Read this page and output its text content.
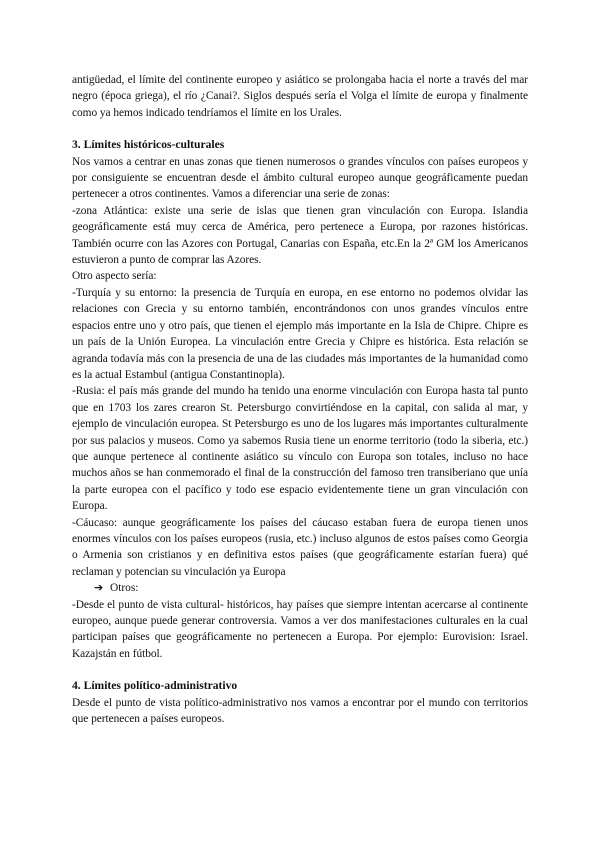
antigüedad, el límite del continente europeo y asiático se prolongaba hacia el norte a través del mar negro (época griega), el río ¿Canai?. Siglos después sería el Volga el límite de europa y finalmente como ya hemos indicado tendríamos el límite en los Urales.

3. Límites históricos-culturales

Nos vamos a centrar en unas zonas que tienen numerosos o grandes vínculos con países europeos y por consiguiente se encuentran desde el ámbito cultural europeo aunque geográficamente puedan pertenecer a otros continentes. Vamos a diferenciar una serie de zonas:

-zona Atlántica: existe una serie de islas que tienen gran vinculación con Europa. Islandia geográficamente está muy cerca de América, pero pertenece a Europa, por razones históricas. También ocurre con las Azores con Portugal, Canarias con España, etc.En la 2ª GM los Americanos estuvieron a punto de comprar las Azores.

Otro aspecto sería:

-Turquía y su entorno: la presencia de Turquía en europa, en ese entorno no podemos olvidar las relaciones con Grecia y su entorno también, encontrándonos con unos grandes vínculos entre espacios entre uno y otro país, que tienen el ejemplo más importante en la Isla de Chipre. Chipre es un país de la Unión Europea. La vinculación entre Grecia y Chipre es histórica. Esta relación se agranda todavía más con la presencia de una de las ciudades más importantes de la humanidad como es la actual Estambul (antigua Constantinopla).

-Rusia: el país más grande del mundo ha tenido una enorme vinculación con Europa hasta tal punto que en 1703 los zares crearon St. Petersburgo convirtiéndose en la capital, con salida al mar, y ejemplo de vinculación europea. St Petersburgo es uno de los lugares más importantes culturalmente por sus palacios y museos. Como ya sabemos Rusia tiene un enorme territorio (todo la siberia, etc.) que aunque pertenece al continente asiático su vínculo con Europa son totales, incluso no hace muchos años se han conmemorado el final de la construcción del famoso tren transiberiano que unía la parte europea con el pacífico y todo ese espacio evidentemente tiene un gran vinculación con Europa.

-Cáucaso: aunque geográficamente los países del cáucaso estaban fuera de europa tienen unos enormes vínculos con los países europeos (rusia, etc.) incluso algunos de estos países como Georgia o Armenia son cristianos y en definitiva estos países (que geográficamente estarían fuera) qué reclaman y potencian su vinculación ya Europa

➔ Otros:

-Desde el punto de vista cultural- históricos, hay países que siempre intentan acercarse al continente europeo, aunque puede generar controversia. Vamos a ver dos manifestaciones culturales en la cual participan países que geográficamente no pertenecen a Europa. Por ejemplo: Eurovision: Israel. Kazajstán en fútbol.

4. Límites político-administrativo

Desde el punto de vista político-administrativo nos vamos a encontrar por el mundo con territorios que pertenecen a países europeos.
